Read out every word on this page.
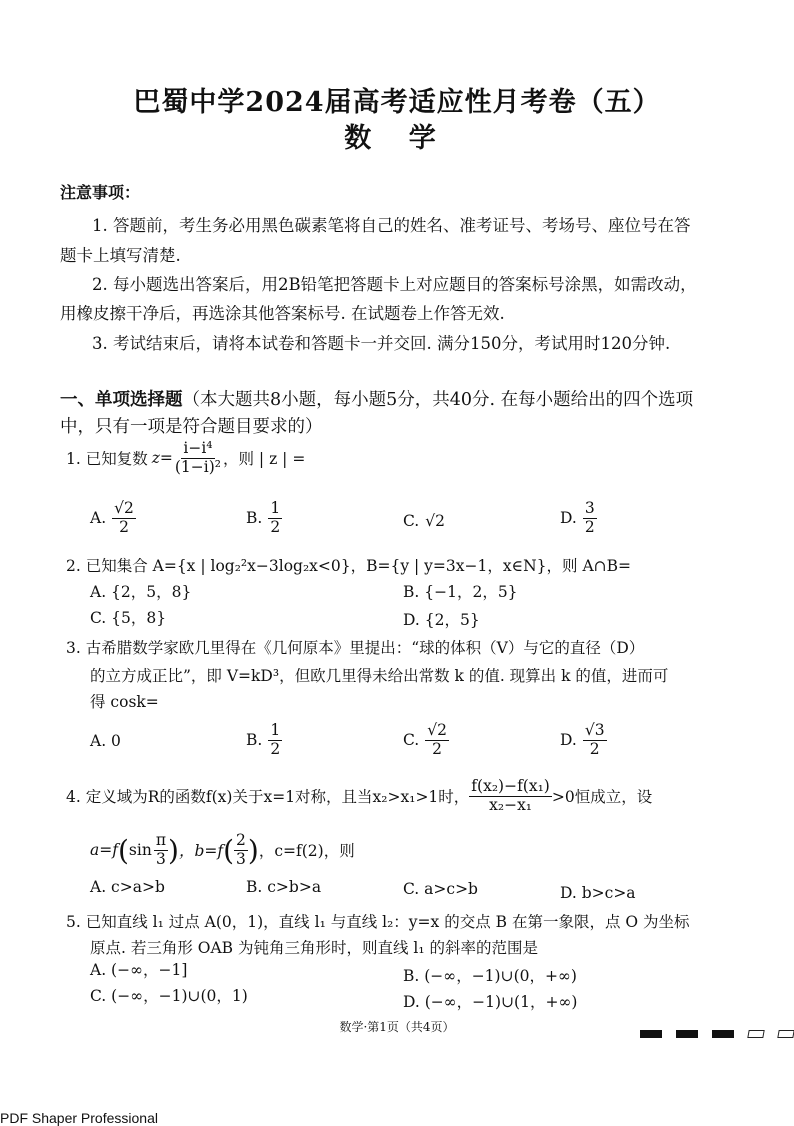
巴蜀中学2024届高考适应性月考卷（五）
数 学
注意事项：
1. 答题前，考生务必用黑色碳素笔将自己的姓名、准考证号、考场号、座位号在答
题卡上填写清楚.
2. 每小题选出答案后，用2B铅笔把答题卡上对应题目的答案标号涂黑，如需改动，
用橡皮擦干净后，再选涂其他答案标号. 在试题卷上作答无效.
3. 考试结束后，请将本试卷和答题卡一并交回. 满分150分，考试用时120分钟.
一、单项选择题（本大题共8小题，每小题5分，共40分. 在每小题给出的四个选项
中，只有一项是符合题目要求的）
1. 已知复数 $z= \frac{\text{i−i⁴}}{\text{(1−i)²}}$ ，则 | z | =
A. $\frac{√2}{2}$	B. $\frac{1}{2}$	C. √2	D. $\frac{3}{2}$
2. 已知集合 A={x | log₂²x−3log₂x<0}，B={y | y=3x−1，x∈N}，则 A∩B=
A. {2，5，8}	B. {−1，2，5}
C. {5，8}	D. {2，5}
3. 古希腊数学家欧几里得在《几何原本》里提出：“球的体积（V）与它的直径（D）
的立方成正比”，即 V=kD³，但欧几里得未给出常数 k 的值. 现算出 k 的值，进而可
得 cosk=
A. 0	B. $\frac{1}{2}$	C. $\frac{√2}{2}$	D. $\frac{√3}{2}$
4. 定义域为R的函数f(x)关于x=1对称，且当x₂>x₁>1时， $\frac{\text{f(x₂)−f(x₁)}}{\text{x₂−x₁}} >0$恒成立，设
a=f ( $\sin \frac{\pi}{3}$ ) ，b=f ( $\frac{2}{3}$ ) ，c=f(2)，则
A. c>a>b	B. c>b>a	C. a>c>b	D. b>c>a
5. 已知直线 l₁ 过点 A(0，1)，直线 l₁ 与直线 l₂：y=x 的交点 B 在第一象限，点 O 为坐标
原点. 若三角形 OAB 为钝角三角形时，则直线 l₁ 的斜率的范围是
A. (−∞，−1]	B. (−∞，−1)∪(0，+∞)
C. (−∞，−1)∪(0，1)	D. (−∞，−1)∪(1，+∞)
数学·第1页（共4页）
PDF Shaper Professional
